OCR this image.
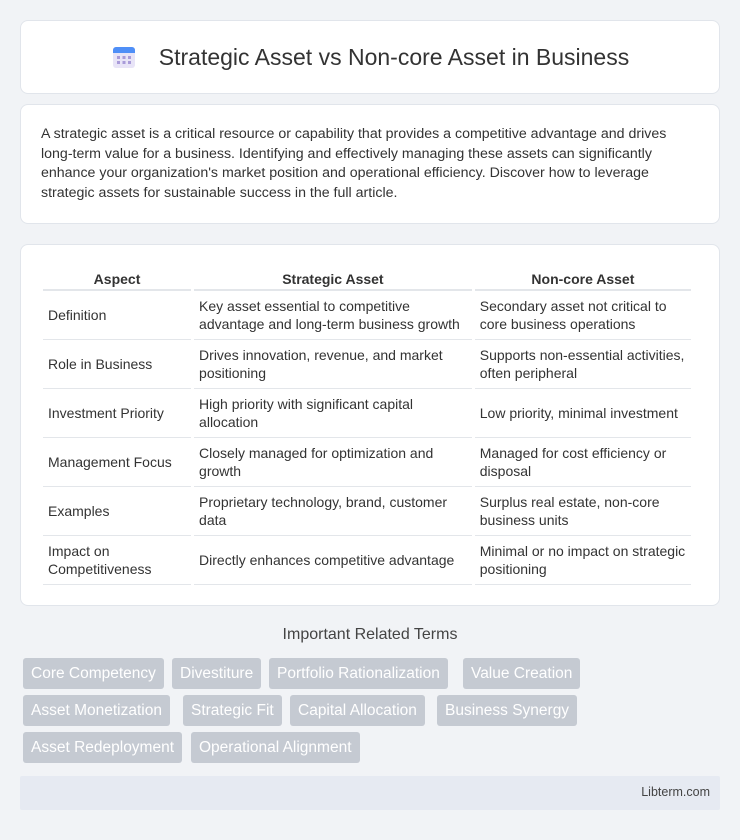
Strategic Asset vs Non-core Asset in Business

A strategic asset is a critical resource or capability that provides a competitive advantage and drives long-term value for a business. Identifying and effectively managing these assets can significantly enhance your organization's market position and operational efficiency. Discover how to leverage strategic assets for sustainable success in the full article.

Aspect	Strategic Asset	Non-core Asset
Definition	Key asset essential to competitive advantage and long-term business growth	Secondary asset not critical to core business operations
Role in Business	Drives innovation, revenue, and market positioning	Supports non-essential activities, often peripheral
Investment Priority	High priority with significant capital allocation	Low priority, minimal investment
Management Focus	Closely managed for optimization and growth	Managed for cost efficiency or disposal
Examples	Proprietary technology, brand, customer data	Surplus real estate, non-core business units
Impact on Competitiveness	Directly enhances competitive advantage	Minimal or no impact on strategic positioning
Important Related Terms
Core Competency	Divestiture	Portfolio Rationalization	Value Creation
Asset Monetization	Strategic Fit	Capital Allocation	Business Synergy
Asset Redeployment	Operational Alignment
Libterm.com
